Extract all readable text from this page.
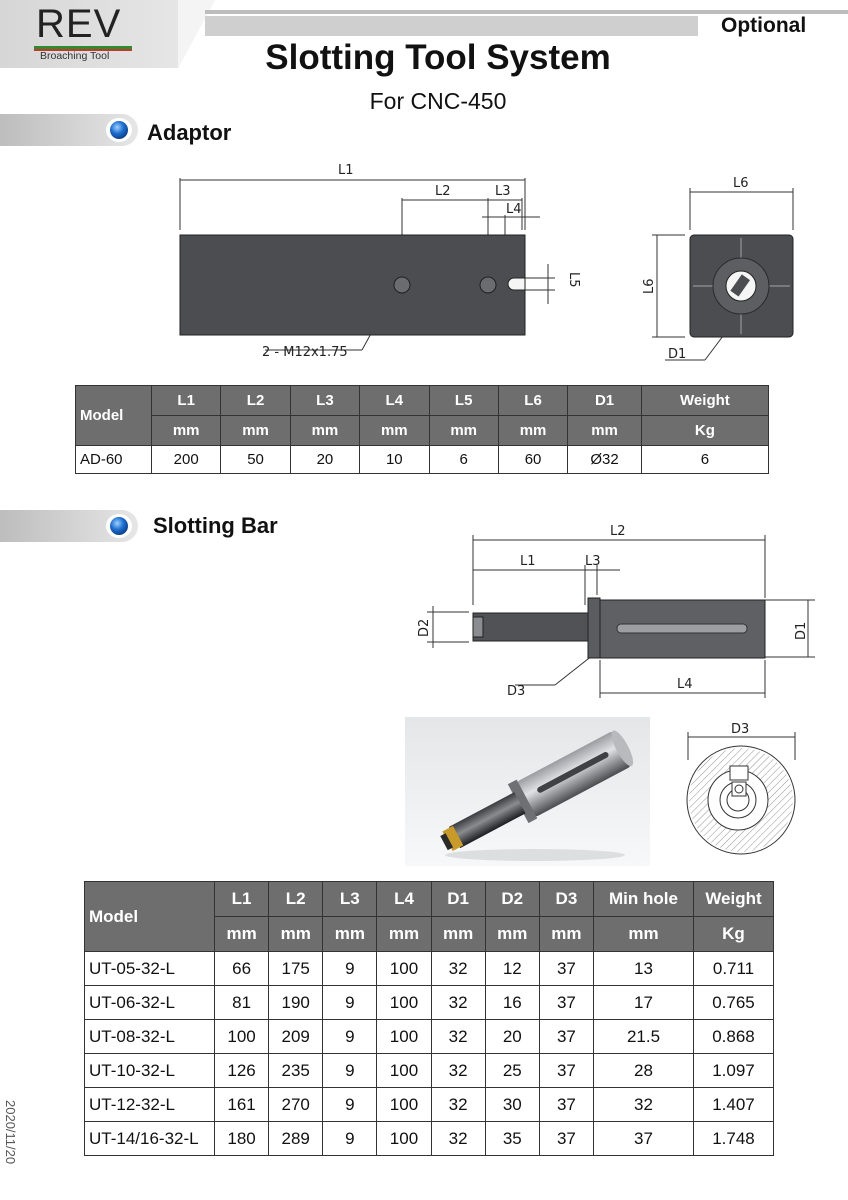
REV
Broaching Tool
Optional
Slotting Tool System
For CNC-450
Adaptor
L1
L2	L3
L4
L5
2 - M12x1.75
L6
L6
D1
Model	L1	L2	L3	L4	L5	L6	D1	Weight
	mm	mm	mm	mm	mm	mm	mm	Kg
AD-60	200	50	20	10	6	60	Ø32	6
Slotting Bar	L2
L1	L3
D2	D1
L4
D3
D3
Model	L1	L2	L3	L4	D1	D2	D3	Min hole	Weight
	mm	mm	mm	mm	mm	mm	mm	mm	Kg
UT-05-32-L	66	175	9	100	32	12	37	13	0.711
UT-06-32-L	81	190	9	100	32	16	37	17	0.765
UT-08-32-L	100	209	9	100	32	20	37	21.5	0.868
UT-10-32-L	126	235	9	100	32	25	37	28	1.097
UT-12-32-L	161	270	9	100	32	30	37	32	1.407
UT-14/16-32-L	180	289	9	100	32	35	37	37	1.748
2020/11/20
